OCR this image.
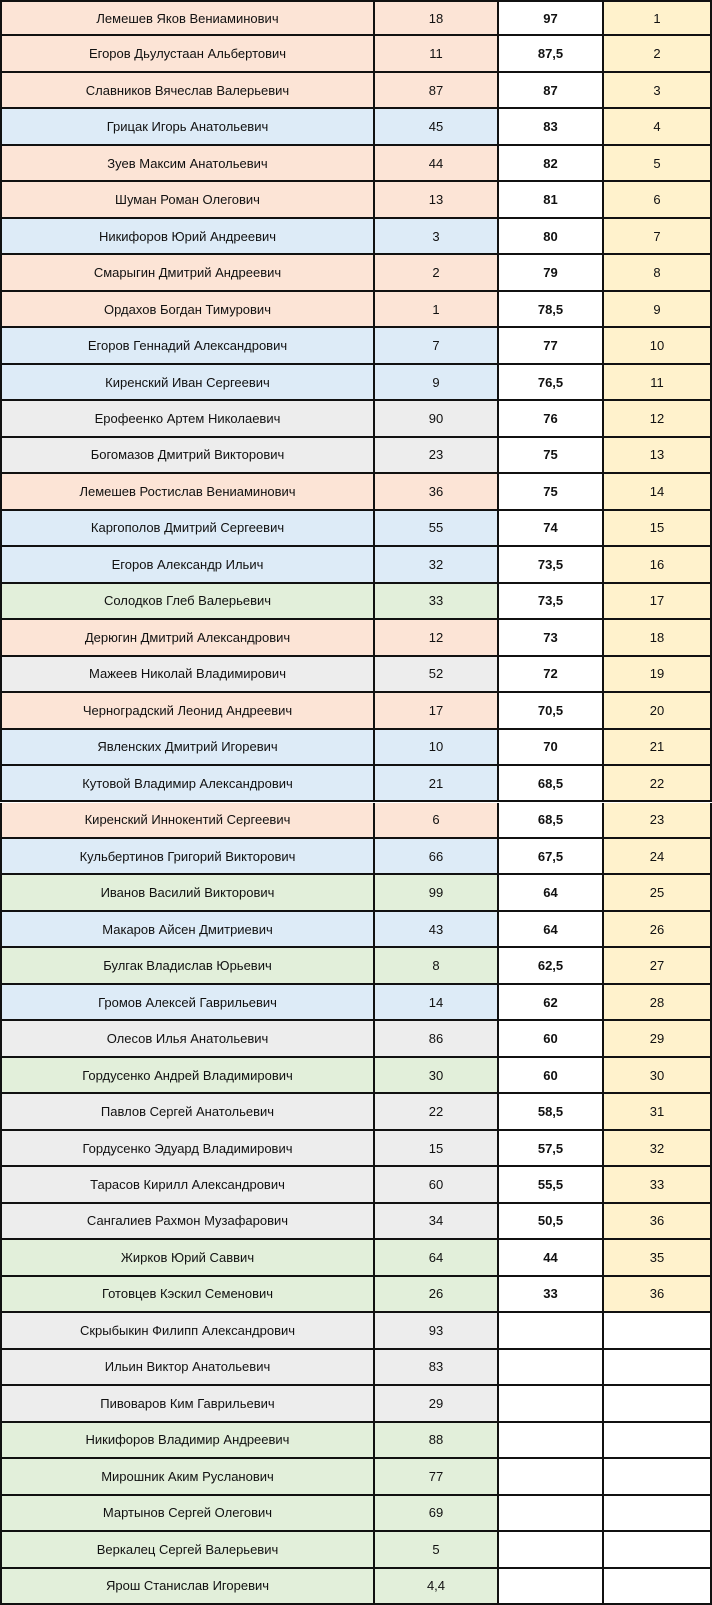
Лемешев Яков Вениаминович	18	97	1
Егоров Дьулустаан Альбертович	11	87,5	2
Славников Вячеслав Валерьевич	87	87	3
Грицак Игорь Анатольевич	45	83	4
Зуев Максим Анатольевич	44	82	5
Шуман Роман Олегович	13	81	6
Никифоров Юрий Андреевич	3	80	7
Смарыгин Дмитрий Андреевич	2	79	8
Ордахов Богдан Тимурович	1	78,5	9
Егоров Геннадий Александрович	7	77	10
Киренский Иван Сергеевич	9	76,5	11
Ерофеенко Артем Николаевич	90	76	12
Богомазов Дмитрий Викторович	23	75	13
Лемешев Ростислав Вениаминович	36	75	14
Каргополов Дмитрий Сергеевич	55	74	15
Егоров Александр Ильич	32	73,5	16
Солодков Глеб Валерьевич	33	73,5	17
Дерюгин Дмитрий Александрович	12	73	18
Мажеев Николай Владимирович	52	72	19
Черноградский Леонид Андреевич	17	70,5	20
Явленских Дмитрий Игоревич	10	70	21
Кутовой Владимир Александрович	21	68,5	22
Киренский Иннокентий Сергеевич	6	68,5	23
Кульбертинов Григорий Викторович	66	67,5	24
Иванов Василий Викторович	99	64	25
Макаров Айсен Дмитриевич	43	64	26
Булгак Владислав Юрьевич	8	62,5	27
Громов Алексей Гаврильевич	14	62	28
Олесов Илья Анатольевич	86	60	29
Гордусенко Андрей Владимирович	30	60	30
Павлов Сергей Анатольевич	22	58,5	31
Гордусенко Эдуард Владимирович	15	57,5	32
Тарасов Кирилл Александрович	60	55,5	33
Сангалиев Рахмон Музафарович	34	50,5	36
Жирков Юрий Саввич	64	44	35
Готовцев Кэскил Семенович	26	33	36
Скрыбыкин Филипп Александрович	93
Ильин Виктор Анатольевич	83
Пивоваров Ким Гаврильевич	29
Никифоров Владимир Андреевич	88
Мирошник Аким Русланович	77
Мартынов Сергей Олегович	69
Веркалец Сергей Валерьевич	5
Ярош Станислав Игоревич	4,4
